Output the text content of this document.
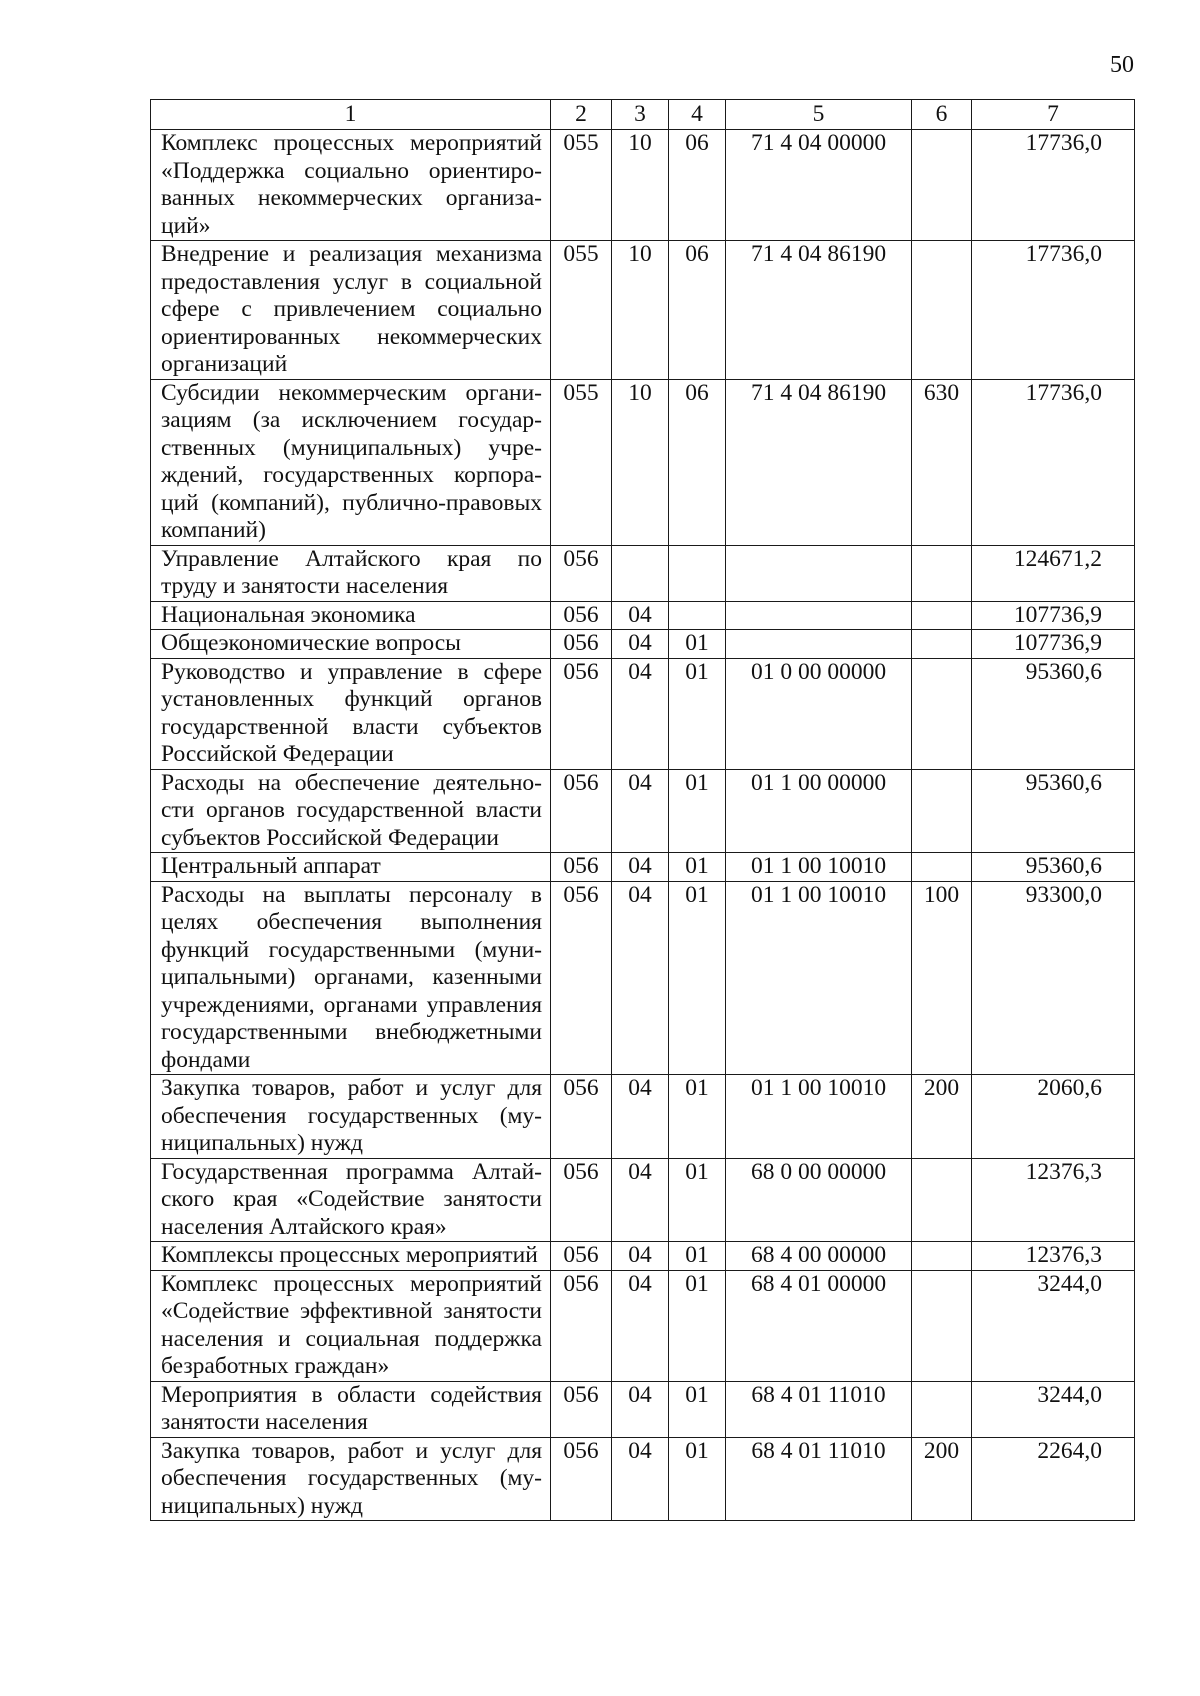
50
1	2	3	4	5	6	7
Комплекс процессных мероприятий «Поддержка социально ориентированных некоммерческих организаций»	055	10	06	71 4 04 00000		17736,0
Внедрение и реализация механизма предоставления услуг в социальной сфере с привлечением социально ориентированных некоммерческих организаций	055	10	06	71 4 04 86190		17736,0
Субсидии некоммерческим организациям (за исключением государственных (муниципальных) учреждений, государственных корпораций (компаний), публично-правовых компаний)	055	10	06	71 4 04 86190	630	17736,0
Управление Алтайского края по труду и занятости населения	056					124671,2
Национальная экономика	056	04				107736,9
Общеэкономические вопросы	056	04	01			107736,9
Руководство и управление в сфере установленных функций органов государственной власти субъектов Российской Федерации	056	04	01	01 0 00 00000		95360,6
Расходы на обеспечение деятельности органов государственной власти субъектов Российской Федерации	056	04	01	01 1 00 00000		95360,6
Центральный аппарат	056	04	01	01 1 00 10010		95360,6
Расходы на выплаты персоналу в целях обеспечения выполнения функций государственными (муниципальными) органами, казенными учреждениями, органами управления государственными внебюджетными фондами	056	04	01	01 1 00 10010	100	93300,0
Закупка товаров, работ и услуг для обеспечения государственных (муниципальных) нужд	056	04	01	01 1 00 10010	200	2060,6
Государственная программа Алтайского края «Содействие занятости населения Алтайского края»	056	04	01	68 0 00 00000		12376,3
Комплексы процессных мероприятий	056	04	01	68 4 00 00000		12376,3
Комплекс процессных мероприятий «Содействие эффективной занятости населения и социальная поддержка безработных граждан»	056	04	01	68 4 01 00000		3244,0
Мероприятия в области содействия занятости населения	056	04	01	68 4 01 11010		3244,0
Закупка товаров, работ и услуг для обеспечения государственных (муниципальных) нужд	056	04	01	68 4 01 11010	200	2264,0
